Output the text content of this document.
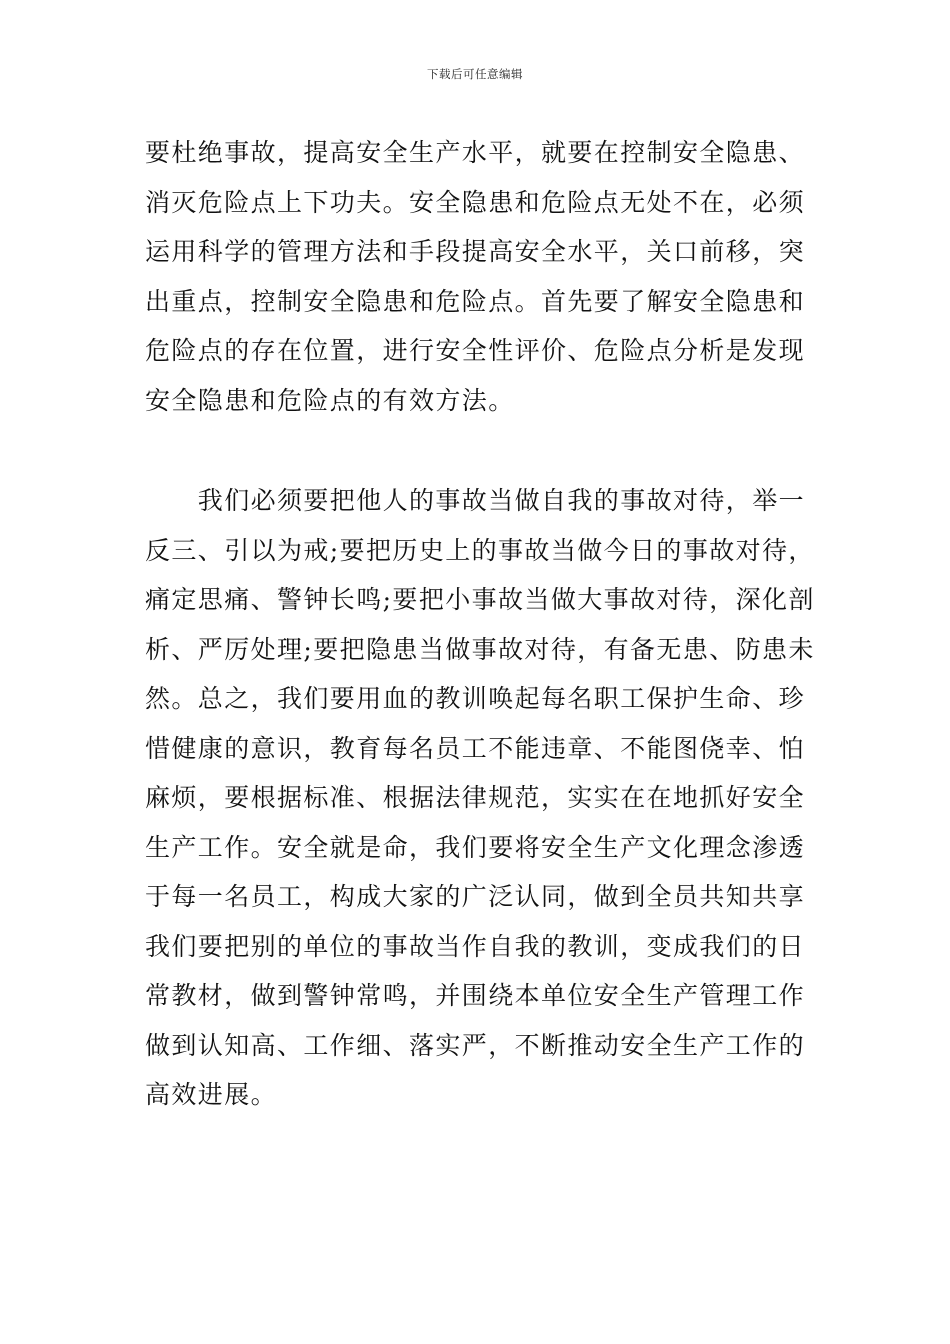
下载后可任意编辑

要杜绝事故，提高安全生产水平，就要在控制安全隐患、
消灭危险点上下功夫。安全隐患和危险点无处不在，必须
运用科学的管理方法和手段提高安全水平，关口前移，突
出重点，控制安全隐患和危险点。首先要了解安全隐患和
危险点的存在位置，进行安全性评价、危险点分析是发现
安全隐患和危险点的有效方法。

　　我们必须要把他人的事故当做自我的事故对待，举一
反三、引以为戒;要把历史上的事故当做今日的事故对待，
痛定思痛、警钟长鸣;要把小事故当做大事故对待，深化剖
析、严厉处理;要把隐患当做事故对待，有备无患、防患未
然。总之，我们要用血的教训唤起每名职工保护生命、珍
惜健康的意识，教育每名员工不能违章、不能图侥幸、怕
麻烦，要根据标准、根据法律规范，实实在在地抓好安全
生产工作。安全就是命，我们要将安全生产文化理念渗透
于每一名员工，构成大家的广泛认同，做到全员共知共享
我们要把别的单位的事故当作自我的教训，变成我们的日
常教材，做到警钟常鸣，并围绕本单位安全生产管理工作
做到认知高、工作细、落实严，不断推动安全生产工作的
高效进展。
